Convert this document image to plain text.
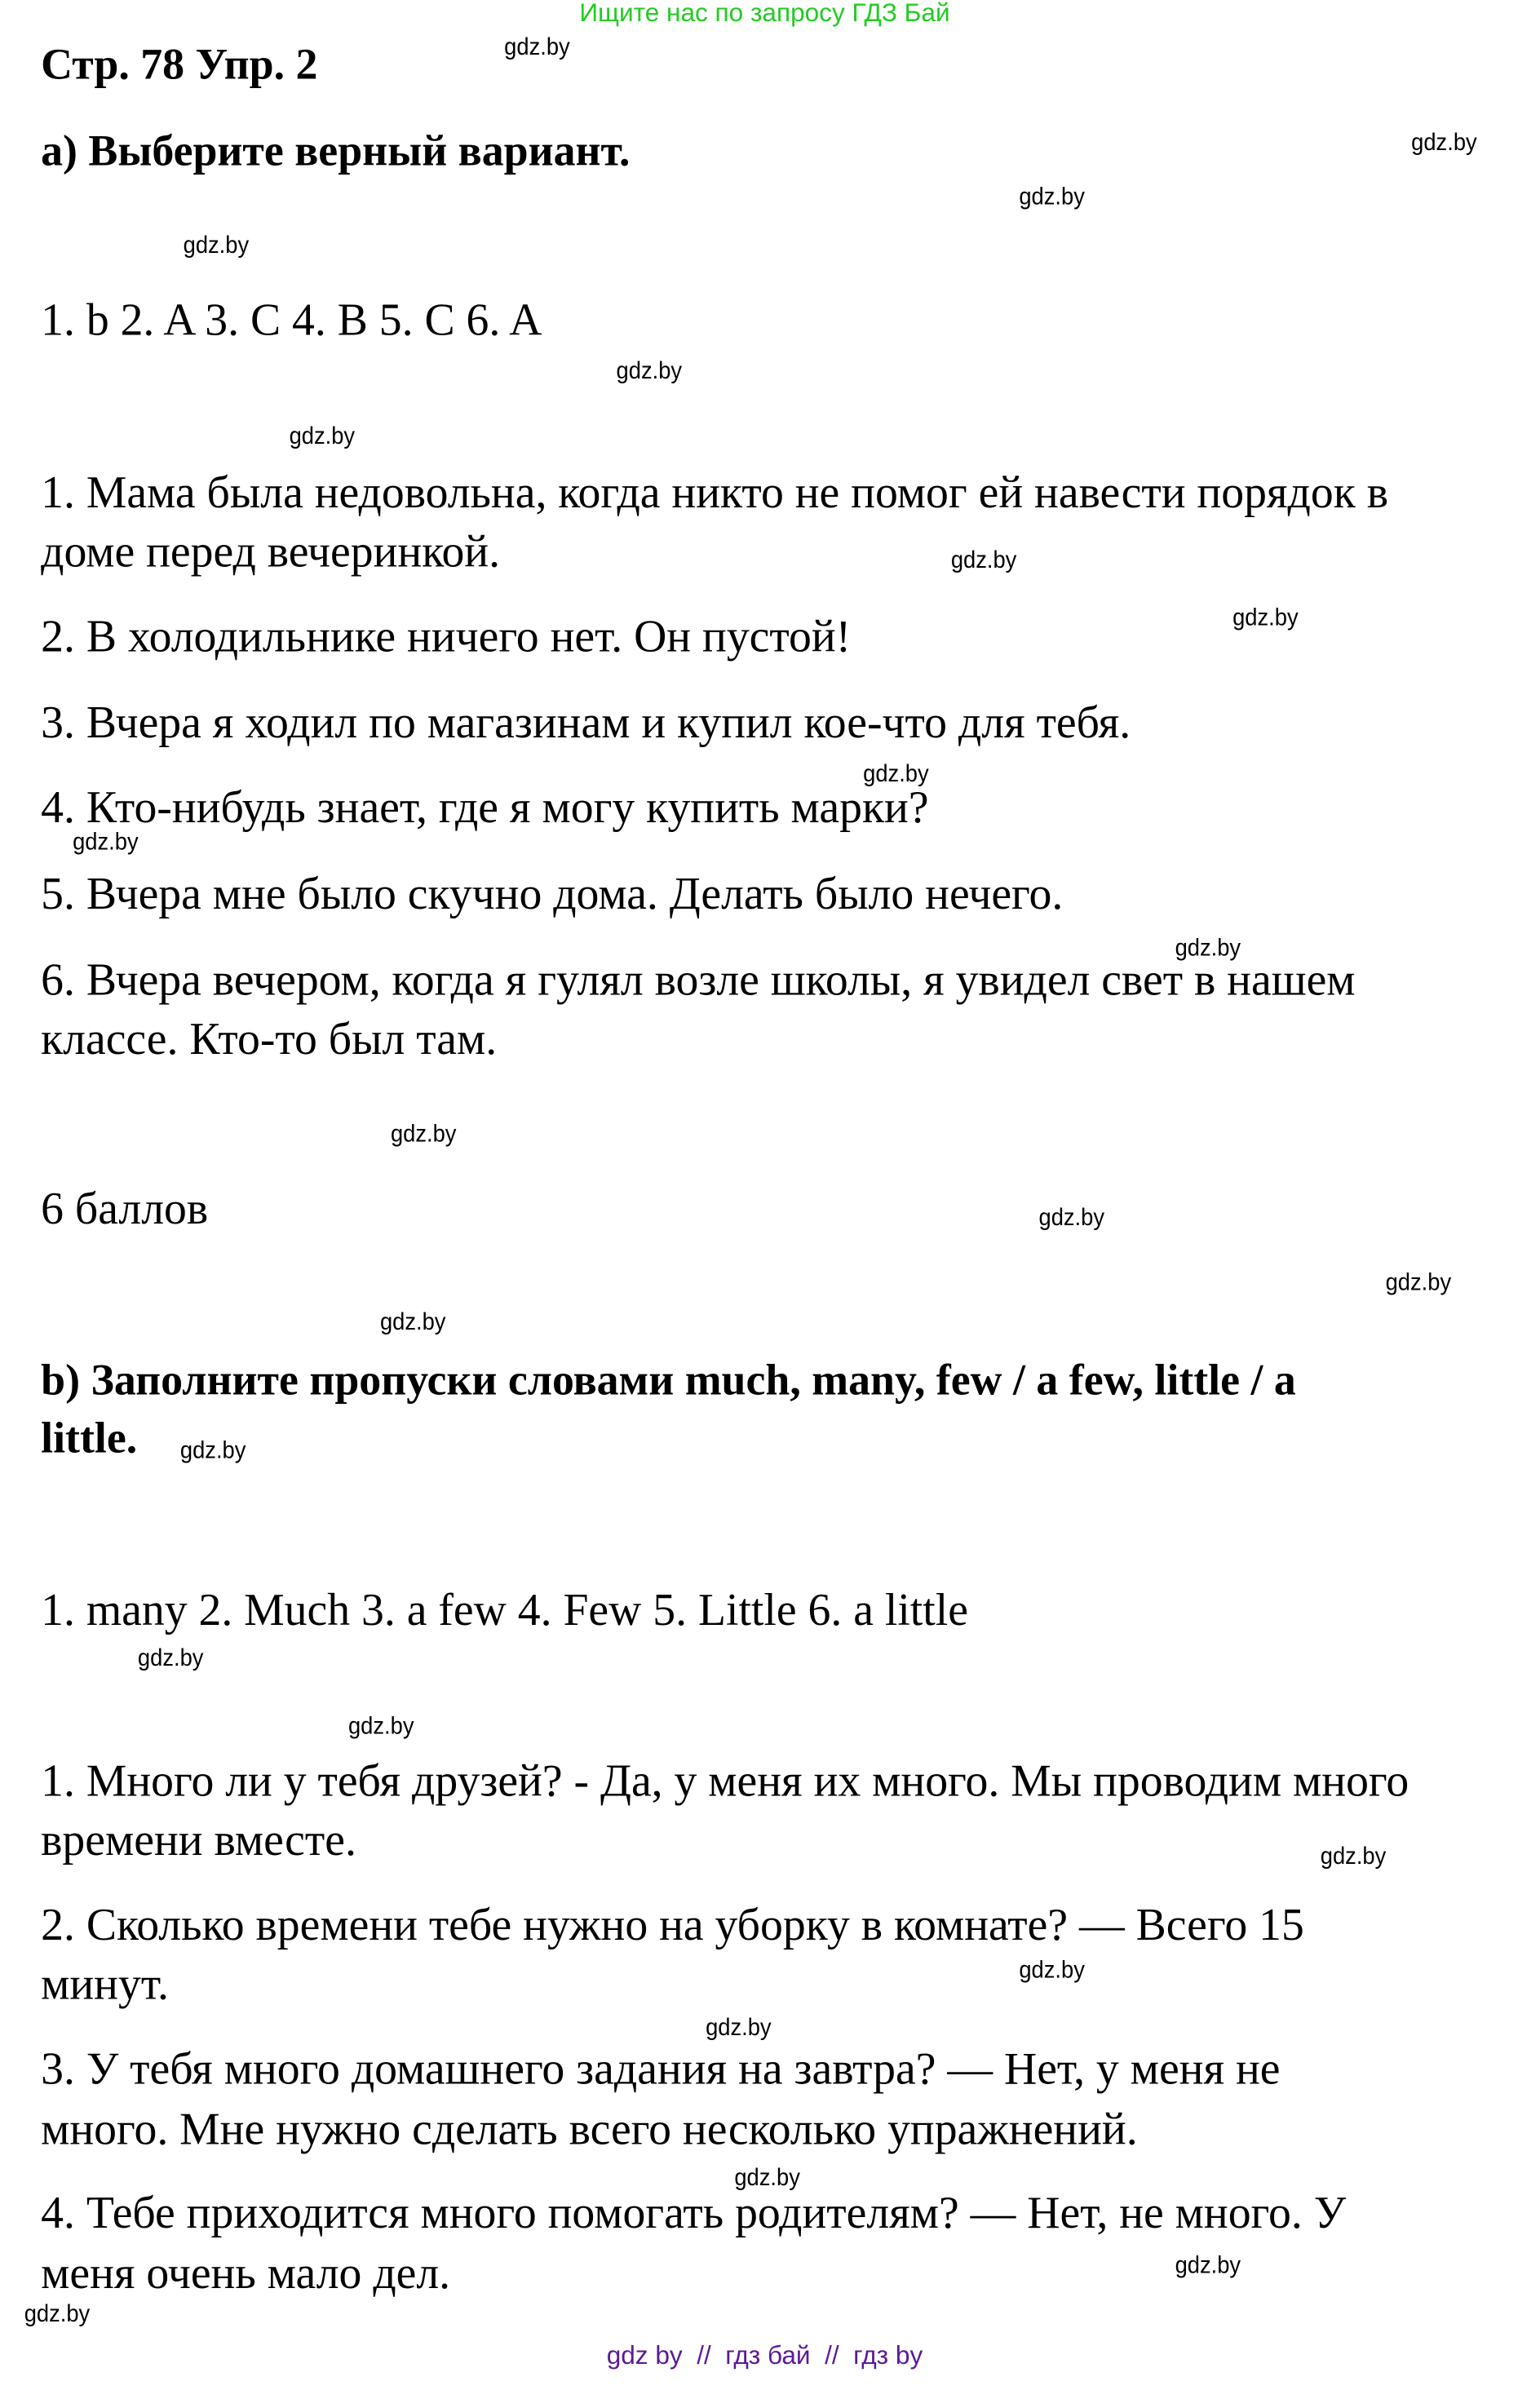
Ищите нас по запросу ГДЗ Бай
Стр. 78 Упр. 2
а) Выберите верный вариант.
1. b 2. A 3. C 4. B 5. C 6. A
1. Мама была недовольна, когда никто не помог ей навести порядок в
доме перед вечеринкой.
2. В холодильнике ничего нет. Он пустой!
3. Вчера я ходил по магазинам и купил кое-что для тебя.
4. Кто-нибудь знает, где я могу купить марки?
5. Вчера мне было скучно дома. Делать было нечего.
6. Вчера вечером, когда я гулял возле школы, я увидел свет в нашем
классе. Кто-то был там.
6 баллов
b) Заполните пропуски словами much, many, few / a few, little / a
little.
1. many 2. Much 3. a few 4. Few 5. Little 6. a little
1. Много ли у тебя друзей? - Да, у меня их много. Мы проводим много
времени вместе.
2. Сколько времени тебе нужно на уборку в комнате? — Всего 15
минут.
3. У тебя много домашнего задания на завтра? — Нет, у меня не
много. Мне нужно сделать всего несколько упражнений.
4. Тебе приходится много помогать родителям? — Нет, не много. У
меня очень мало дел.
gdz.by
gdz.by
gdz.by
gdz.by
gdz.by
gdz.by
gdz.by
gdz.by
gdz.by
gdz.by
gdz.by
gdz.by
gdz.by
gdz.by
gdz.by
gdz.by
gdz.by
gdz.by
gdz.by
gdz.by
gdz.by
gdz.by
gdz.by
gdz.by
gdz by  //  гдз бай  //  гдз by
